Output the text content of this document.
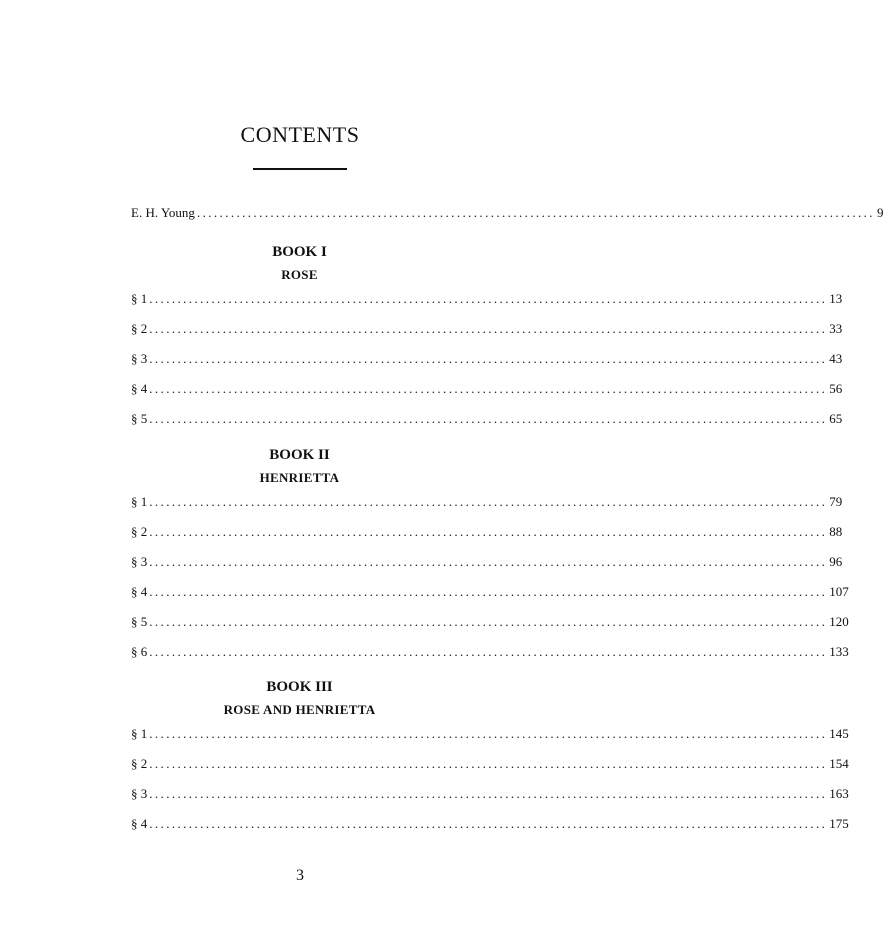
CONTENTS
E. H. Young ........................................................................................................................ 9
BOOK I
ROSE
§ 1 ........................................................................................................................ 13
§ 2 ........................................................................................................................ 33
§ 3 ........................................................................................................................ 43
§ 4 ........................................................................................................................ 56
§ 5 ........................................................................................................................ 65
BOOK II
HENRIETTA
§ 1 ........................................................................................................................ 79
§ 2 ........................................................................................................................ 88
§ 3 ........................................................................................................................ 96
§ 4 ........................................................................................................................ 107
§ 5 ........................................................................................................................ 120
§ 6 ........................................................................................................................ 133
BOOK III
ROSE AND HENRIETTA
§ 1 ........................................................................................................................ 145
§ 2 ........................................................................................................................ 154
§ 3 ........................................................................................................................ 163
§ 4 ........................................................................................................................ 175
3
